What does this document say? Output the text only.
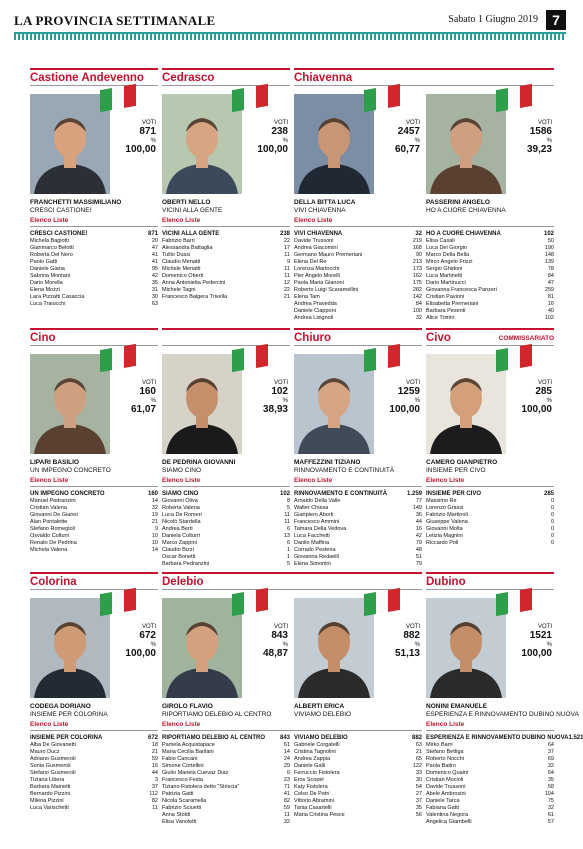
LA PROVINCIA SETTIMANALE	Sabato 1 Giugno 2019	7
Castione Andevenno
VOTI
871
%
100,00
FRANCHETTI MASSIMILIANO
CRESCI CASTIONE!
Elenco Liste
CRESCI CASTIONE!	871
Michela Bagiotti	20
Gianmarco Belotti	47
Roberta Del Nero	41
Paolo Gatti	41
Daniele Giana	95
Sabrina Montani	42
Dario Morella	35
Elena Mozzi	31
Lara Pizzatti Casaccia	30
Luca Traiucchi	63
Cedrasco
VOTI
238
%
100,00
OBERTI NELLO
VICINI ALLA GENTE
Elenco Liste
VICINI ALLA GENTE	238
Fabrizio Barri	22
Alessandra Battaglia	17
Tullio Dussi	11
Claudio Menatti	9
Michele Menatti	11
Domenico Oberti	11
Anna Antonietta Pedercini	12
Michele Tagni	22
Francesco Balgera Trivella	21
Chiavenna
VOTI
2457
%
60,77
DELLA BITTA LUCA
VIVI CHIAVENNA
VOTI
1586
%
39,23
PASSERINI ANGELO
HO A CUORE CHIAVENNA
Elenco Liste
VIVI CHIAVENNA	32
Davide Trussoni	219
Andrea Giacomini	168
Germano Mauro Premeriani	90
Elena Del Re	213
Lorenza Martocchi	173
Pier Angelo Morelli	162
Paola Maria Gianoni	175
Roberto Luigi Scaramellini	282
Elena Tam	142
Andrea Pravedda	84
Daniele Ciapponi	100
Andrea Lisignoli	32
HO A CUORE CHIAVENNA	102
Elisa Casali	50
Luca Del Giorgio	190
Marco Della Bella	148
Mirco Angelo Frizzi	139
Sergio Ghidoni	78
Luca Martinetti	84
Dario Martinucci	47
Giovanna Francesca Panzeri	259
Cristian Pavioni	81
Elisabetta Premeriani	16
Barbara Pesenti	40
Alice Trimiri	102
Cino
VOTI
160
%
61,07
LIPARI BASILIO
UN IMPEGNO CONCRETO
Elenco Liste
UN IMPEGNO CONCRETO	160
Manuel Pedranzini	14
Cristian Valena	32
Giovanni De Gianni	19
Alan Pontalette	21
Stefano Romegioli	9
Osvaldo Colturri	10
Renato De Pedrina	10
Michela Valena	14
VOTI
102
%
38,93
DE PEDRINA GIOVANNI
SIAMO CINO
Elenco Liste
SIAMO CINO	102
Giovanni Oliva	8
Roberta Valena	5
Luca De Romeri	11
Nicolò Stardella	11
Andrea Berti	6
Daniela Colturri	13
Marco Zappini	6
Claudio Bizzi	1
Oscar Bonetti	1
Barbara Pedranzini	5
Chiuro
VOTI
1259
%
100,00
MAFFEZZINI TIZIANO
RINNOVAMENTO E CONTINUITÀ
Elenco Liste
RINNOVAMENTO E CONTINUITÀ	1.259
Arnaldo Della Valle	77
Walter Chiesa	149
Gianpiero Aborti	36
Francesco Ammini	44
Tamara Della Vedova	16
Luca Facchetti	42
Danilo Maffina	79
Corrado Pesteria	48
Giovanna Redaelli	51
Elena Simonini	79
Civo	COMMISSARIATO
VOTI
285
%
100,00
CAMERO GIANPIETRO
INSIEME PER CIVO
Elenco Liste
INSIEME PER CIVO	285
Massimo Re	0
Lorenzo Grassi	0
Fabrizio Martinoli	0
Giuseppe Valena	0
Giovanni Molta	0
Letizia Magnini	0
Riccardo Poli	0
Colorina
VOTI
672
%
100,00
CODEGA DORIANO
INSIEME PER COLORINA
Elenco Liste
INSIEME PER COLORINA	672
Alba De Giovanetti	18
Mauro Ducz	21
Adriano Gusmeroli	59
Sonia Gusmeroli	16
Stefano Gusmeroli	44
Tiziana Libera	3
Barbara Mainetti	37
Bernardo Pizzini	112
Milena Pizzini	82
Luca Varischetti	11
Delebio
VOTI
843
%
48,87
GIROLO FLAVIO
RIPORTIAMO DELEBIO AL CENTRO
VOTI
882
%
51,13
ALBERTI ERICA
VIVIAMO DELEBIO
Elenco Liste
RIPORTIAMO DELEBIO AL CENTRO 843
Pamela Acquistapace	61
Maria Cecilia Barilani	14
Fabio Cancani	24
Simone Cortellini	29
Giulio Manela Cuevaz Diaz	6
Francesco Festa	23
Tiziano Fistolera detto "Striscia"	71
Patrizia Gatti	41
Nicola Scaramella	82
Fabrizio Sciuetti	59
Anna Stoldi	11
Elisa Vanoletti	32
VIVIAMO DELEBIO	882
Gabriele Corgatelli	63
Cristina Tagnolini	21
Andrea Zappia	65
Daniele Galli	122
Ferruccio Fistolera	33
Eros Scopel	30
Katy Fistolera	54
Celso De Petri	27
Vittorio Abramini	37
Tania Casartelli	35
Maria Cristina Pesce	56
Dubino
VOTI
1521
%
100,00
NONINI EMANUELE
ESPERIENZA E RINNOVAMENTO DUBINO NUOVA
Elenco Liste
ESPERIENZA E RINNOVAMENTO DUBINO NUOVA 1.521
Mirko Barri	64
Stefano Bettiga	37
Roberto Nocchi	69
Paola Baitro	32
Domenico Quaini	64
Cristian Mocioli	35
Davide Trussoni	58
Abele Ambrosini	104
Daniele Tarca	75
Fabiana Gatti	32
Valentina Negora	61
Angelica Giambelli	57
